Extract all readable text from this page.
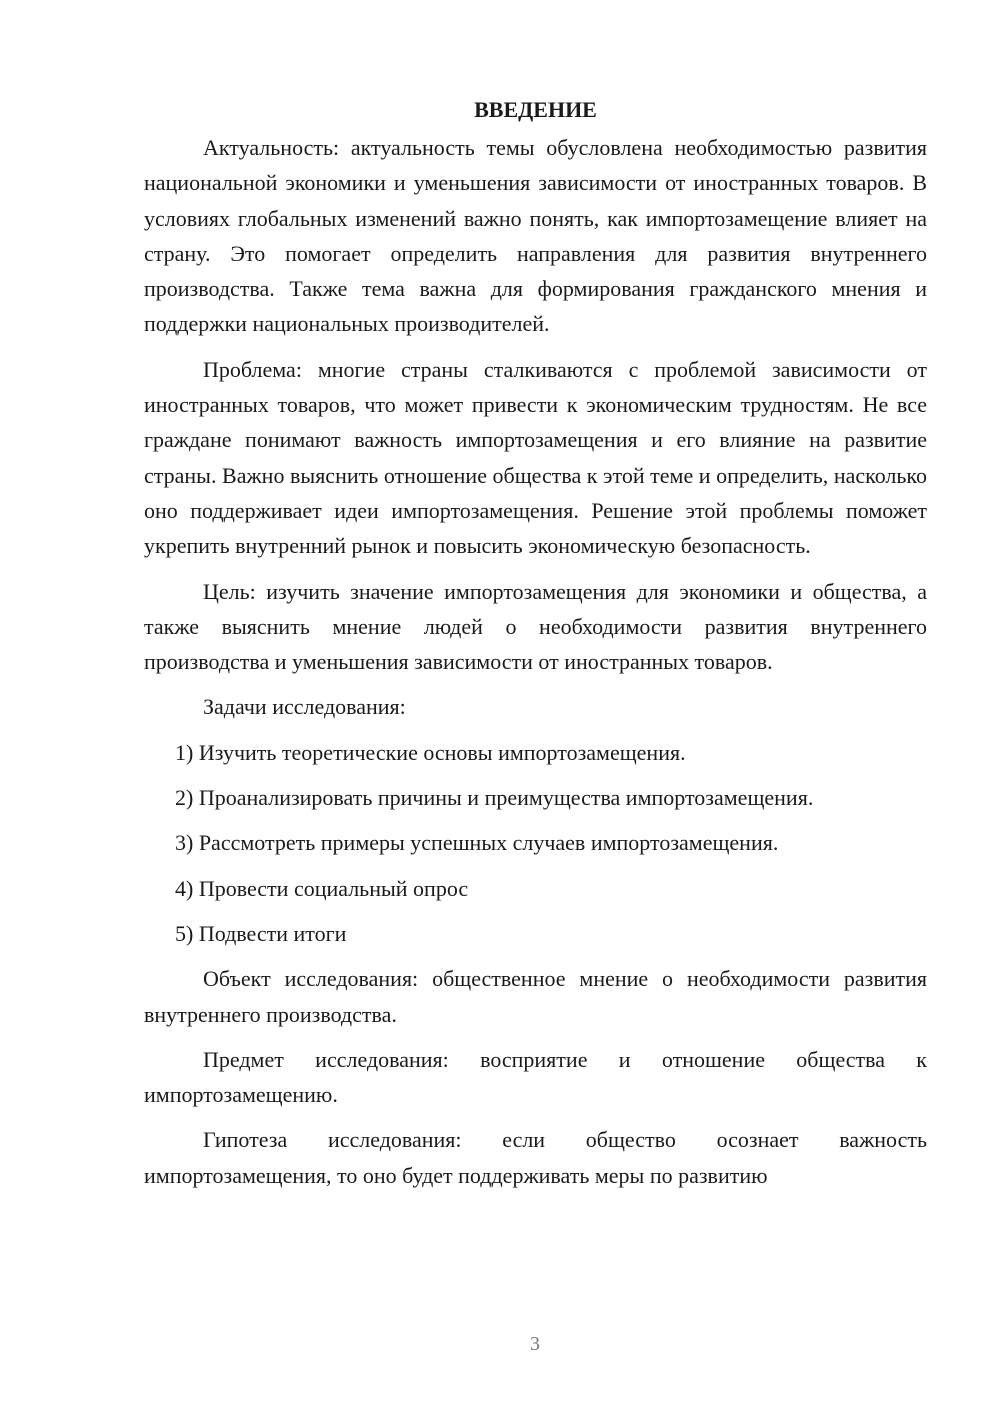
ВВЕДЕНИЕ

Актуальность: актуальность темы обусловлена необходимостью развития национальной экономики и уменьшения зависимости от иностранных товаров. В условиях глобальных изменений важно понять, как импортозамещение влияет на страну. Это помогает определить направления для развития внутреннего производства. Также тема важна для формирования гражданского мнения и поддержки национальных производителей.

Проблема: многие страны сталкиваются с проблемой зависимости от иностранных товаров, что может привести к экономическим трудностям. Не все граждане понимают важность импортозамещения и его влияние на развитие страны. Важно выяснить отношение общества к этой теме и определить, насколько оно поддерживает идеи импортозамещения. Решение этой проблемы поможет укрепить внутренний рынок и повысить экономическую безопасность.

Цель: изучить значение импортозамещения для экономики и общества, а также выяснить мнение людей о необходимости развития внутреннего производства и уменьшения зависимости от иностранных товаров.

Задачи исследования:

1) Изучить теоретические основы импортозамещения.

2) Проанализировать причины и преимущества импортозамещения.

3) Рассмотреть примеры успешных случаев импортозамещения.

4) Провести социальный опрос

5) Подвести итоги

Объект исследования: общественное мнение о необходимости развития внутреннего производства.

Предмет исследования: восприятие и отношение общества к импортозамещению.

Гипотеза исследования: если общество осознает важность импортозамещения, то оно будет поддерживать меры по развитию

3
